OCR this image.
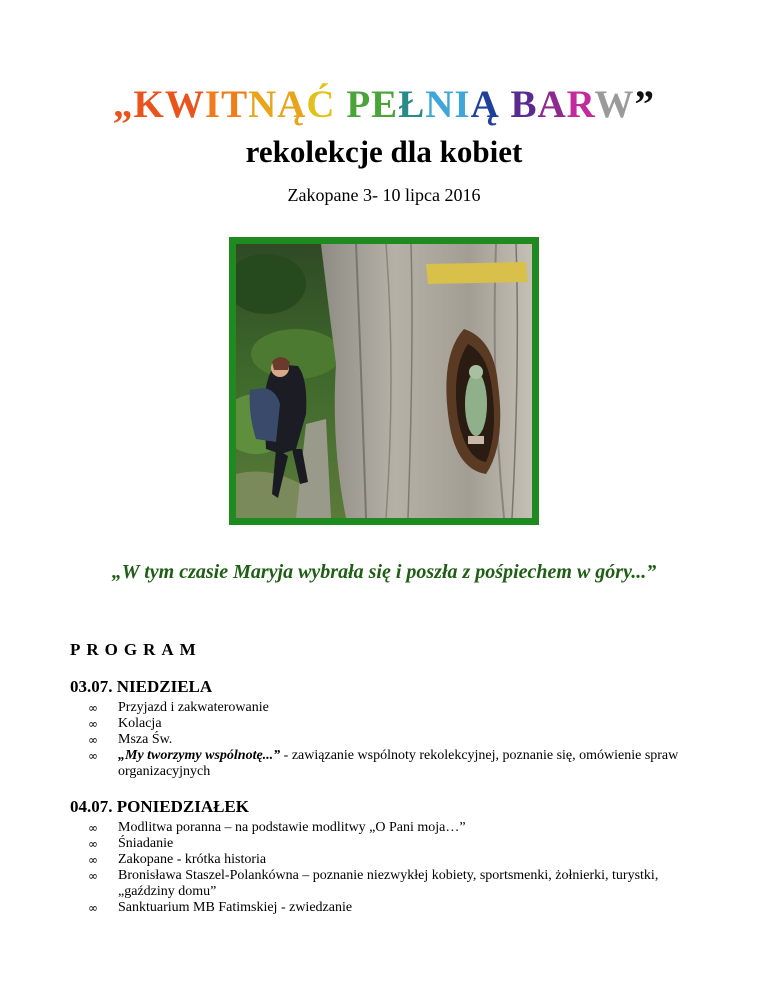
„KWITNĄĆ PEŁNIĄ BARW”
rekolekcje dla kobiet
Zakopane 3- 10 lipca 2016
„W tym czasie Maryja wybrała się i poszła z pośpiechem w góry...”
PROGRAM
03.07. NIEDZIELA
∞	Przyjazd i zakwaterowanie
∞	Kolacja
∞	Msza Św.
∞	„My tworzymy wspólnotę...” - zawiązanie wspólnoty rekolekcyjnej, poznanie się, omówienie spraw organizacyjnych
04.07. PONIEDZIAŁEK
∞	Modlitwa poranna – na podstawie modlitwy „O Pani moja…”
∞	Śniadanie
∞	Zakopane - krótka historia
∞	Bronisława Staszel-Polankówna – poznanie niezwykłej kobiety, sportsmenki, żołnierki, turystki, „gaździny domu”
∞	Sanktuarium MB Fatimskiej - zwiedzanie
